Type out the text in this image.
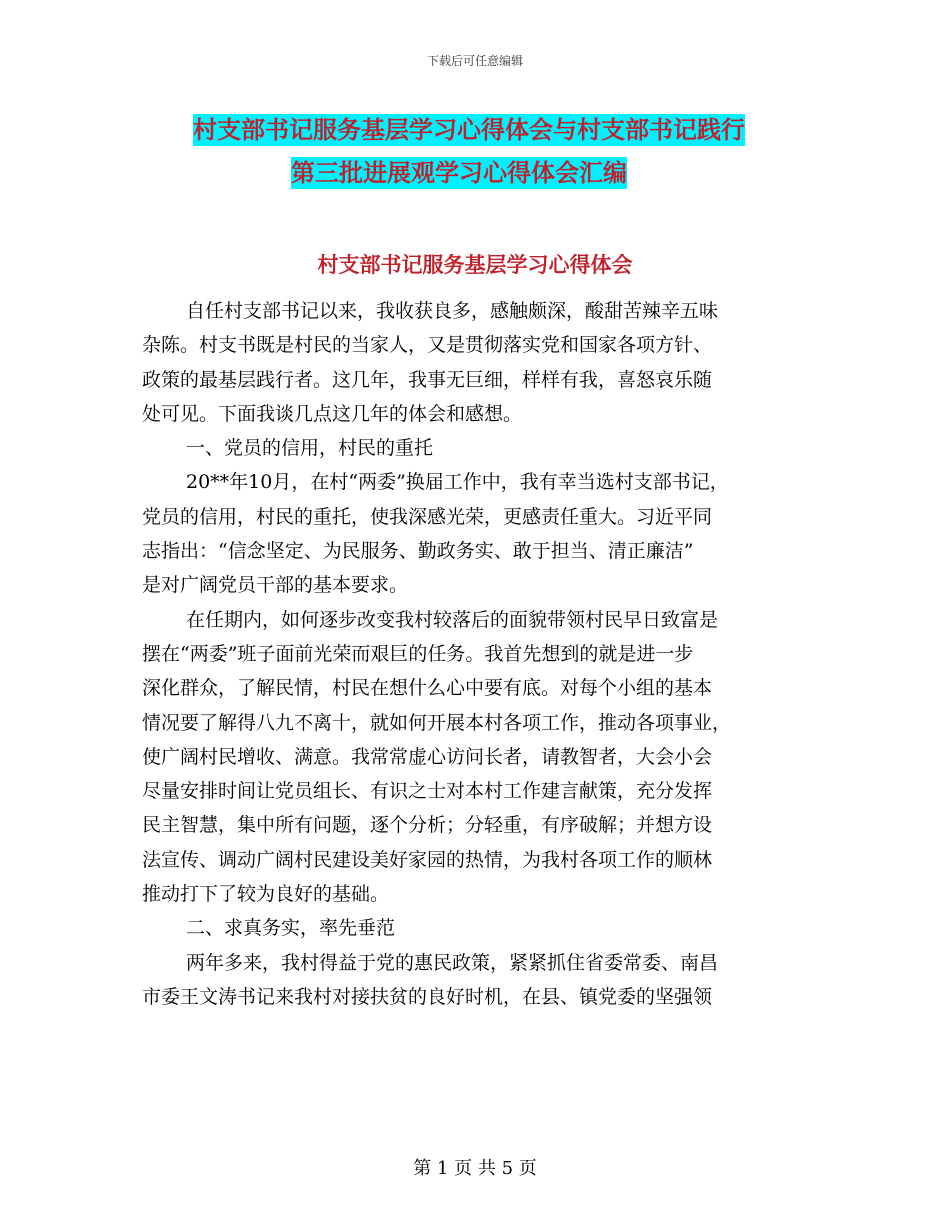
下载后可任意编辑
村支部书记服务基层学习心得体会与村支部书记践行
第三批进展观学习心得体会汇编
村支部书记服务基层学习心得体会
自任村支部书记以来，我收获良多，感触颇深，酸甜苦辣辛五味
杂陈。村支书既是村民的当家人，又是贯彻落实党和国家各项方针、
政策的最基层践行者。这几年，我事无巨细，样样有我，喜怒哀乐随
处可见。下面我谈几点这几年的体会和感想。
一、党员的信用，村民的重托
20**年10月，在村“两委”换届工作中，我有幸当选村支部书记，
党员的信用，村民的重托，使我深感光荣，更感责任重大。习近平同
志指出：“信念坚定、为民服务、勤政务实、敢于担当、清正廉洁”
是对广阔党员干部的基本要求。
在任期内，如何逐步改变我村较落后的面貌带领村民早日致富是
摆在“两委”班子面前光荣而艰巨的任务。我首先想到的就是进一步
深化群众，了解民情，村民在想什么心中要有底。对每个小组的基本
情况要了解得八九不离十，就如何开展本村各项工作，推动各项事业，
使广阔村民增收、满意。我常常虚心访问长者，请教智者，大会小会
尽量安排时间让党员组长、有识之士对本村工作建言献策，充分发挥
民主智慧，集中所有问题，逐个分析；分轻重，有序破解；并想方设
法宣传、调动广阔村民建设美好家园的热情，为我村各项工作的顺林
推动打下了较为良好的基础。
二、求真务实，率先垂范
两年多来，我村得益于党的惠民政策，紧紧抓住省委常委、南昌
市委王文涛书记来我村对接扶贫的良好时机，在县、镇党委的坚强领
第 1 页 共 5 页
